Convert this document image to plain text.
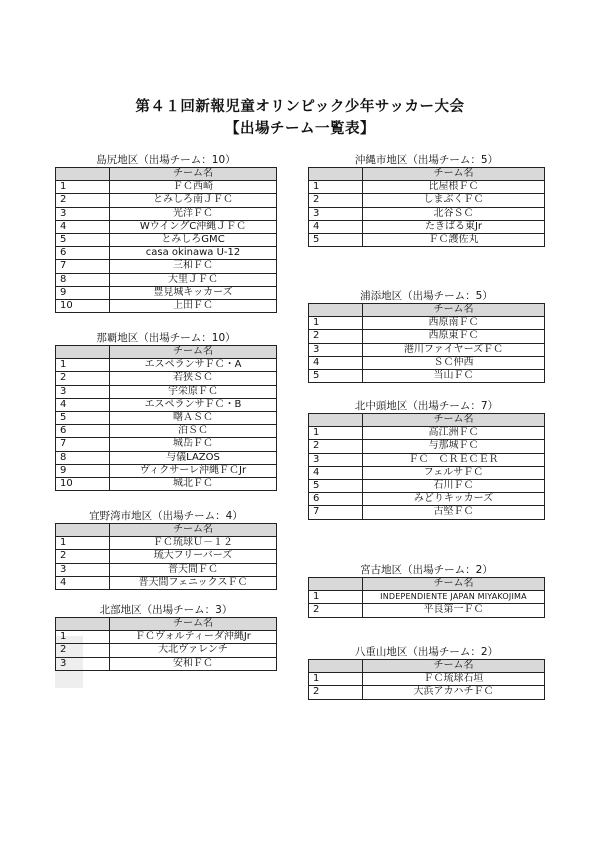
第４１回新報児童オリンピック少年サッカー大会
【出場チーム一覧表】
島尻地区（出場チーム：10）
	チーム名
1	ＦＣ西崎
2	とみしろ南ＪＦＣ
3	光洋ＦＣ
4	WウイングC沖縄ＪＦＣ
5	とみしろGMC
6	casa okinawa U-12
7	三和ＦＣ
8	大里ＪＦＣ
9	豊見城キッカーズ
10	上田ＦＣ
那覇地区（出場チーム：10）
	チーム名
1	エスペランサＦＣ・A
2	若狭ＳＣ
3	宇栄原ＦＣ
4	エスペランサＦＣ・B
5	曙ＡＳＣ
6	泊ＳＣ
7	城岳ＦＣ
8	与儀LAZOS
9	ヴィクサーレ沖縄ＦＣJr
10	城北ＦＣ
宜野湾市地区（出場チーム：4）
	チーム名
1	ＦＣ琉球Ｕ－１２
2	琉大フリーバーズ
3	普天間ＦＣ
4	普天間フェニックスＦＣ
北部地区（出場チーム：3）
	チーム名
1	ＦＣヴォルティーダ沖縄Jr
2	大北ヴァレンチ
3	安和ＦＣ
沖縄市地区（出場チーム：5）
	チーム名
1	比屋根ＦＣ
2	しまぶくＦＣ
3	北谷ＳＣ
4	たきばる東Jr
5	ＦＣ護佐丸
浦添地区（出場チーム：5）
	チーム名
1	西原南ＦＣ
2	西原東ＦＣ
3	港川ファイヤーズＦＣ
4	ＳＣ仲西
5	当山ＦＣ
北中頭地区（出場チーム：7）
	チーム名
1	高江洲ＦＣ
2	与那城ＦＣ
3	ＦＣ　ＣＲＥＣＥＲ
4	フェルサＦＣ
5	石川ＦＣ
6	みどりキッカーズ
7	古堅ＦＣ
宮古地区（出場チーム：2）
	チーム名
1	INDEPENDIENTE JAPAN MIYAKOJIMA
2	平良第一ＦＣ
八重山地区（出場チーム：2）
	チーム名
1	ＦＣ琉球石垣
2	大浜アカハチＦＣ
